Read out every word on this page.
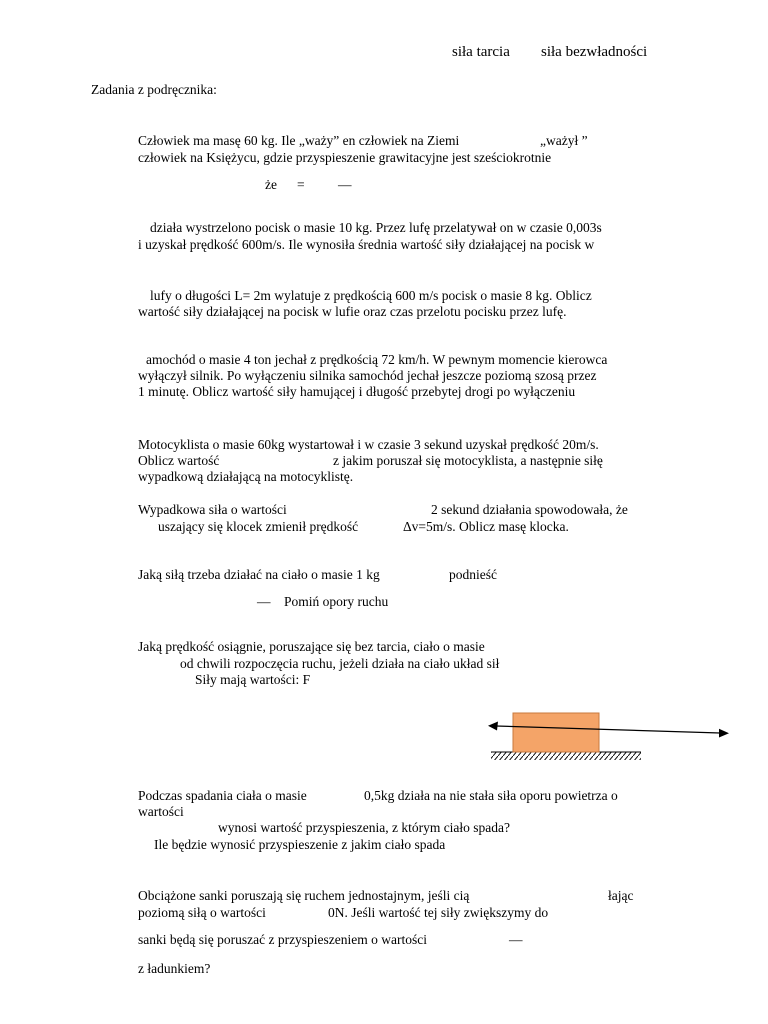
siła tarcia siła bezwładności
Zadania z podręcznika:
Człowiek ma masę 60 kg. Ile „waży” en człowiek na Ziemi	„ważył ”
człowiek na Księżycu, gdzie przyspieszenie grawitacyjne jest sześciokrotnie
że = —
działa wystrzelono pocisk o masie 10 kg. Przez lufę przelatywał on w czasie 0,003s
i uzyskał prędkość 600m/s. Ile wynosiła średnia wartość siły działającej na pocisk w
lufy o długości L= 2m wylatuje z prędkością 600 m/s pocisk o masie 8 kg. Oblicz
wartość siły działającej na pocisk w lufie oraz czas przelotu pocisku przez lufę.
amochód o masie 4 ton jechał z prędkością 72 km/h. W pewnym momencie kierowca
wyłączył silnik. Po wyłączeniu silnika samochód jechał jeszcze poziomą szosą przez
1 minutę. Oblicz wartość siły hamującej i długość przebytej drogi po wyłączeniu
Motocyklista o masie 60kg wystartował i w czasie 3 sekund uzyskał prędkość 20m/s.
Oblicz wartość	z jakim poruszał się motocyklista, a następnie siłę
wypadkową działającą na motocyklistę.
Wypadkowa siła o wartości	2 sekund działania spowodowała, że
uszający się klocek zmienił prędkość	Δv=5m/s. Oblicz masę klocka.
Jaką siłą trzeba działać na ciało o masie 1 kg	podnieść
— Pomiń opory ruchu
Jaką prędkość osiągnie, poruszające się bez tarcia, ciało o masie
od chwili rozpoczęcia ruchu, jeżeli działa na ciało układ sił
Siły mają wartości: F
Podczas spadania ciała o masie	0,5kg działa na nie stała siła oporu powietrza o
wartości
wynosi wartość przyspieszenia, z którym ciało spada?
Ile będzie wynosić przyspieszenie z jakim ciało spada
Obciążone sanki poruszają się ruchem jednostajnym, jeśli cią	łając
poziomą siłą o wartości	0N. Jeśli wartość tej siły zwiększymy do
sanki będą się poruszać z przyspieszeniem o wartości	—
z ładunkiem?
